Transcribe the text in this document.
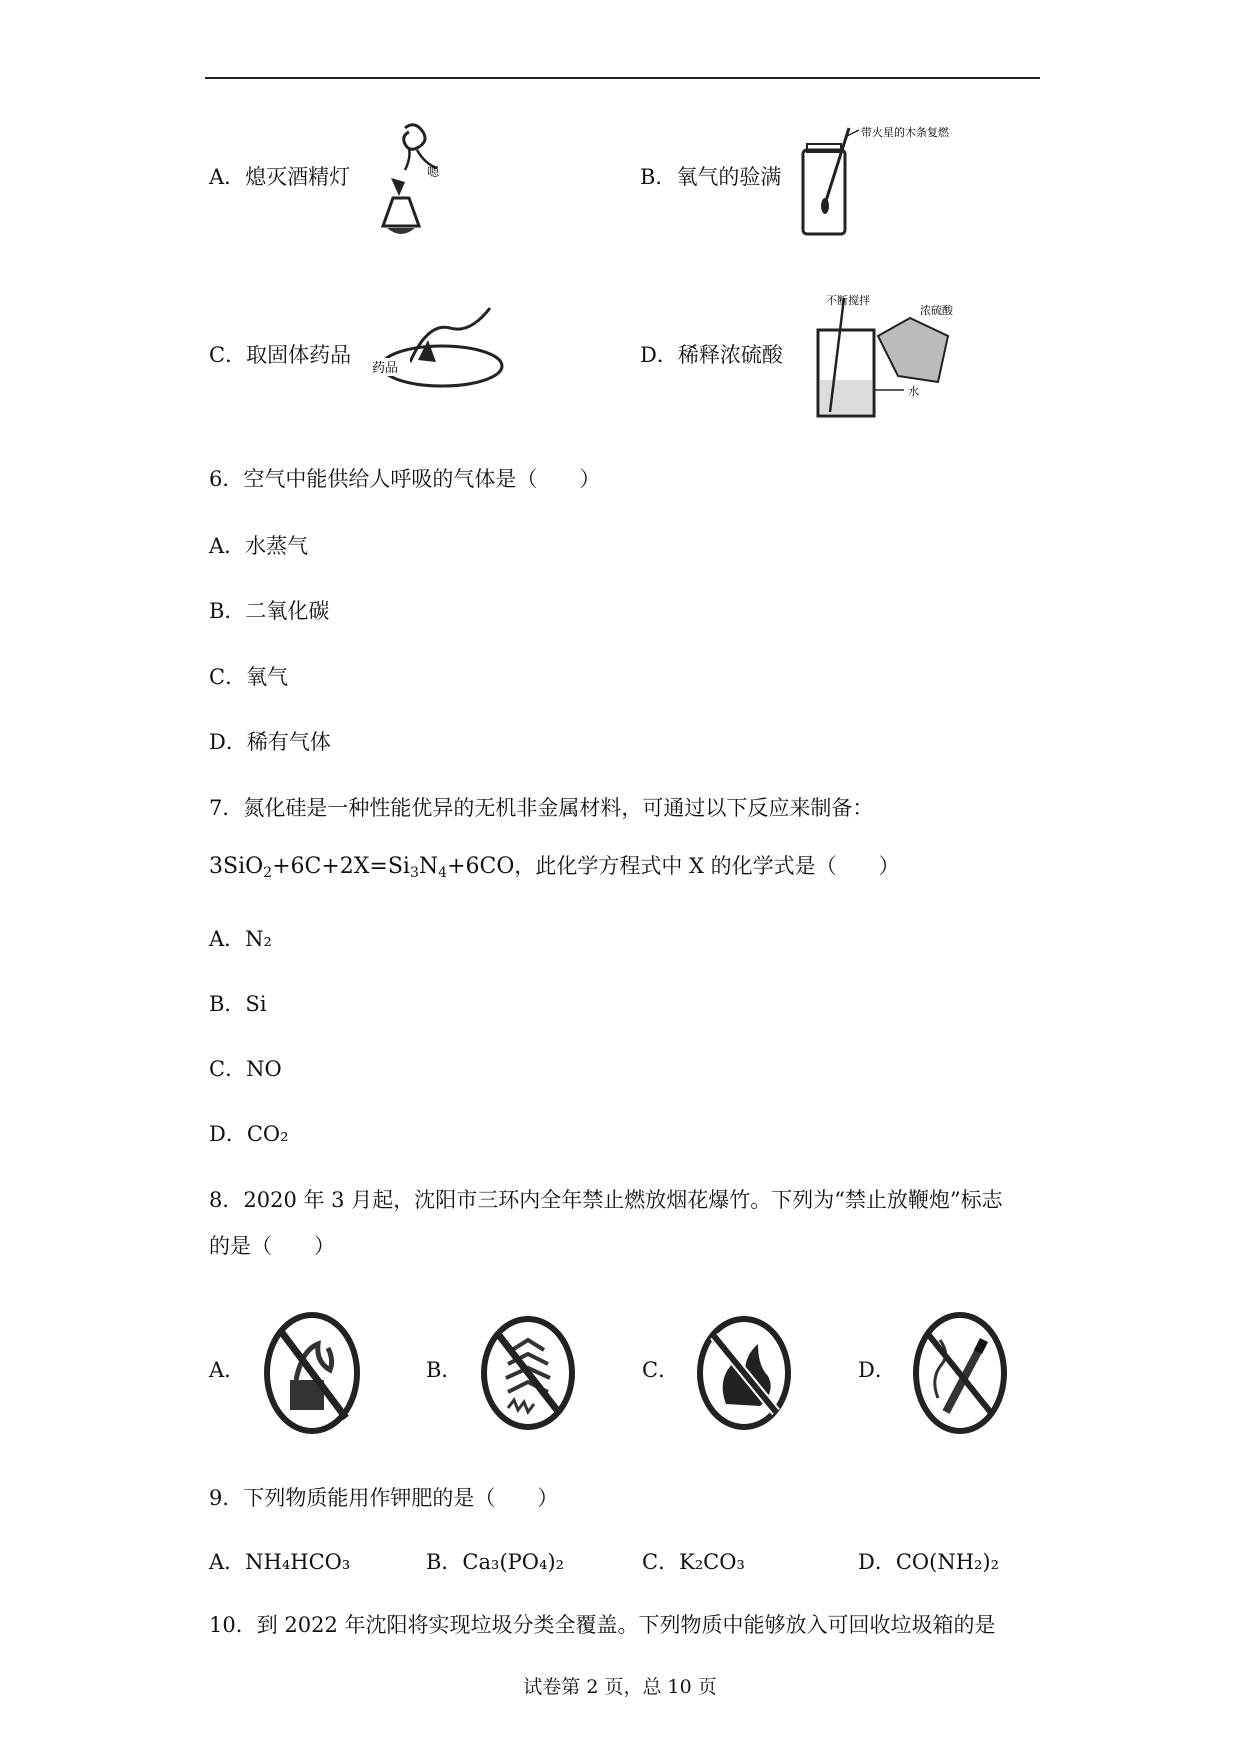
A．熄灭酒精灯	嗯	B．氧气的验满
带火星的木条复燃
C．取固体药品
药品
D．稀释浓硫酸
不断搅拌
浓硫酸
水
6．空气中能供给人呼吸的气体是（　　）
A．水蒸气
B．二氧化碳
C．氧气
D．稀有气体
7．氮化硅是一种性能优异的无机非金属材料，可通过以下反应来制备：
$3SiO_2+6C+2X=Si_3N_4+6CO$，此化学方程式中 X 的化学式是（　　）
A．N₂
B．Si
C．NO
D．CO₂
8．2020 年 3 月起，沈阳市三环内全年禁止燃放烟花爆竹。下列为“禁止放鞭炮”标志
的是（　　）
A．	B．	C．	D．
9．下列物质能用作钾肥的是（　　）
A．NH₄HCO₃	B．Ca₃(PO₄)₂	C．K₂CO₃	D．CO(NH₂)₂
10．到 2022 年沈阳将实现垃圾分类全覆盖。下列物质中能够放入可回收垃圾箱的是
试卷第 2 页，总 10 页
